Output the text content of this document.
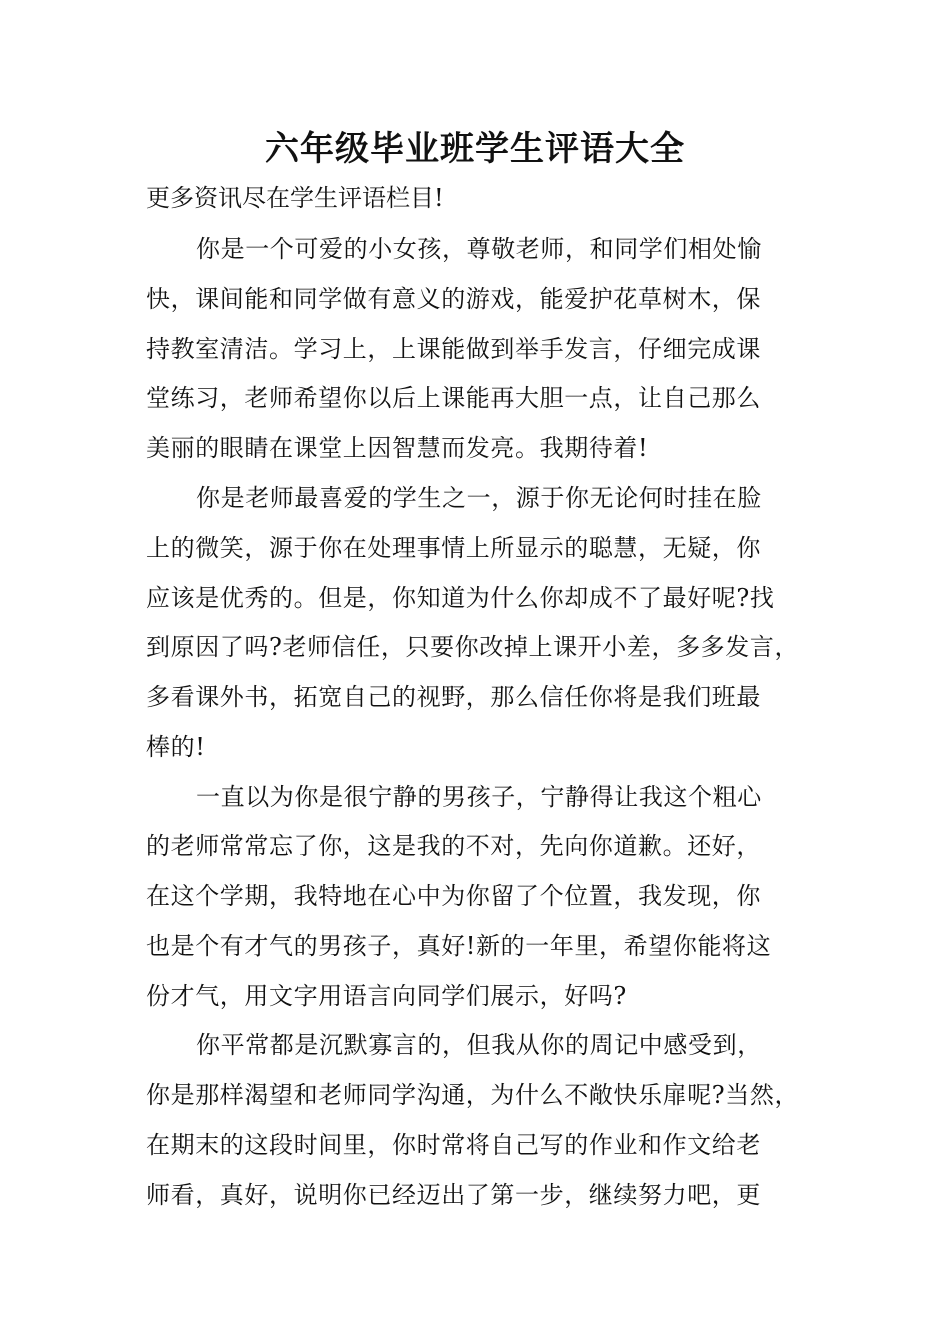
六年级毕业班学生评语大全
更多资讯尽在学生评语栏目!
你是一个可爱的小女孩，尊敬老师，和同学们相处愉
快，课间能和同学做有意义的游戏，能爱护花草树木，保
持教室清洁。学习上，上课能做到举手发言，仔细完成课
堂练习，老师希望你以后上课能再大胆一点，让自己那么
美丽的眼睛在课堂上因智慧而发亮。我期待着!
你是老师最喜爱的学生之一，源于你无论何时挂在脸
上的微笑，源于你在处理事情上所显示的聪慧，无疑，你
应该是优秀的。但是，你知道为什么你却成不了最好呢?找
到原因了吗?老师信任，只要你改掉上课开小差，多多发言，
多看课外书，拓宽自己的视野，那么信任你将是我们班最
棒的!
一直以为你是很宁静的男孩子，宁静得让我这个粗心
的老师常常忘了你，这是我的不对，先向你道歉。还好，
在这个学期，我特地在心中为你留了个位置，我发现，你
也是个有才气的男孩子，真好!新的一年里，希望你能将这
份才气，用文字用语言向同学们展示，好吗?
你平常都是沉默寡言的，但我从你的周记中感受到，
你是那样渴望和老师同学沟通，为什么不敞快乐扉呢?当然，
在期末的这段时间里，你时常将自己写的作业和作文给老
师看，真好，说明你已经迈出了第一步，继续努力吧，更
